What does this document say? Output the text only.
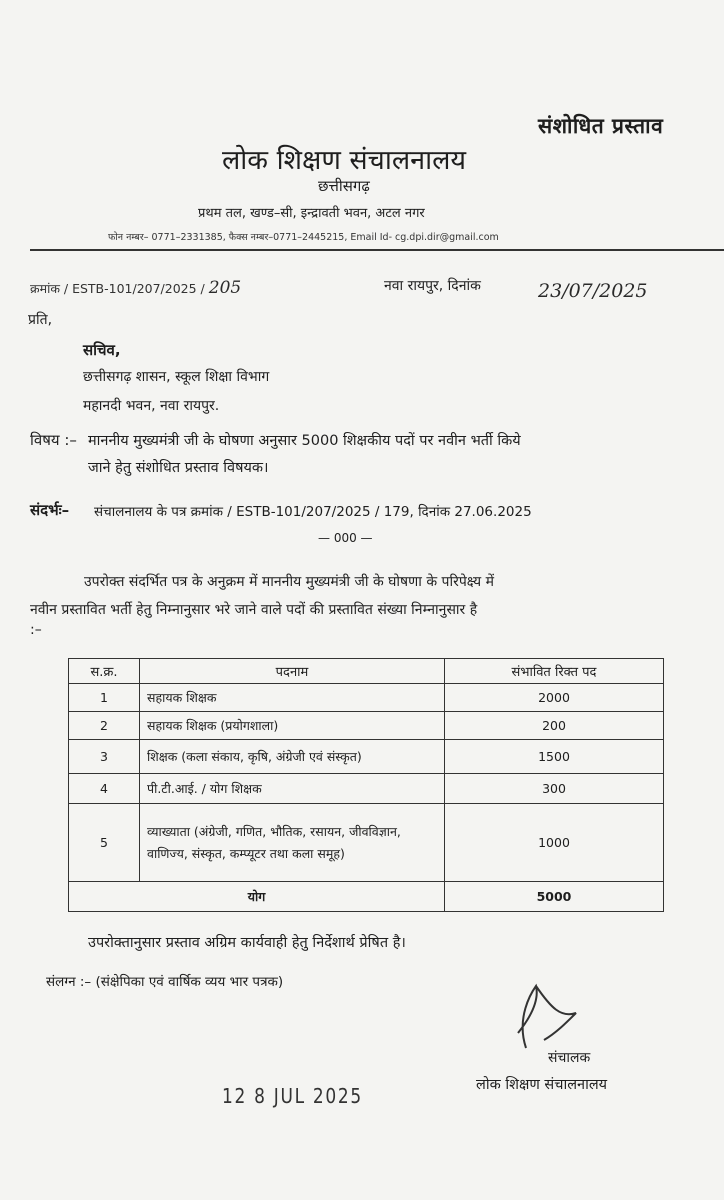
संशोधित प्रस्ताव
लोक शिक्षण संचालनालय
छत्तीसगढ़
प्रथम तल, खण्ड–सी, इन्द्रावती भवन, अटल नगर
फोन नम्बर– 0771–2331385, फैक्स नम्बर–0771–2445215, Email Id- cg.dpi.dir@gmail.com
क्रमांक / ESTB-101/207/2025 / 205	नवा रायपुर, दिनांक	23/07/2025
प्रति,
सचिव,
छत्तीसगढ़ शासन, स्कूल शिक्षा विभाग
महानदी भवन, नवा रायपुर.
विषय :– माननीय मुख्यमंत्री जी के घोषणा अनुसार 5000 शिक्षकीय पदों पर नवीन भर्ती किये
जाने हेतु संशोधित प्रस्ताव विषयक।
संदर्भः– संचालनालय के पत्र क्रमांक / ESTB-101/207/2025 / 179, दिनांक 27.06.2025
— 000 —
उपरोक्त संदर्भित पत्र के अनुक्रम में माननीय मुख्यमंत्री जी के घोषणा के परिपेक्ष्य में
नवीन प्रस्तावित भर्ती हेतु निम्नानुसार भरे जाने वाले पदों की प्रस्तावित संख्या निम्नानुसार है
:–
स.क्र.	पदनाम	संभावित रिक्त पद
1	सहायक शिक्षक	2000
2	सहायक शिक्षक (प्रयोगशाला)	200
3	शिक्षक (कला संकाय, कृषि, अंग्रेजी एवं संस्कृत)	1500
4	पी.टी.आई. / योग शिक्षक	300
5	व्याख्याता (अंग्रेजी, गणित, भौतिक, रसायन, जीवविज्ञान, वाणिज्य, संस्कृत, कम्प्यूटर तथा कला समूह)	1000
योग		5000
उपरोक्तानुसार प्रस्ताव अग्रिम कार्यवाही हेतु निर्देशार्थ प्रेषित है।
संलग्न :– (संक्षेपिका एवं वार्षिक व्यय भार पत्रक)
संचालक
लोक शिक्षण संचालनालय
12 8 JUL 2025
